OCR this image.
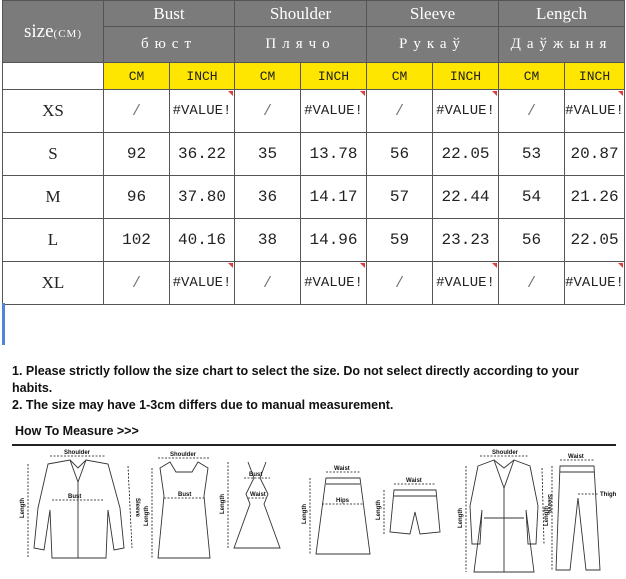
size(CM)	Bust		Shoulder		Sleeve		Lengch	
	бюст		Плячо		Рукаў		Даўжыня	
	CM	INCH	CM	INCH	CM	INCH	CM	INCH
XS	/	#VALUE!	/	#VALUE!	/	#VALUE!	/	#VALUE!
S	92	36.22	35	13.78	56	22.05	53	20.87
M	96	37.80	36	14.17	57	22.44	54	21.26
L	102	40.16	38	14.96	59	23.23	56	22.05
XL	/	#VALUE!	/	#VALUE!	/	#VALUE!	/	#VALUE!

1. Please strictly follow the size chart to select the size. Do not select directly according to your habits.

2. The size may have 1-3cm differs due to manual measurement.

How To Measure >>>
Shoulder
Bust
Length	Sleeve
Shoulder
Bust
Length
Bust
Waist
Length
Waist
Hips
Length
Waist
Length
Shoulder
Length
Sleeve
Waist
Thigh
Length
